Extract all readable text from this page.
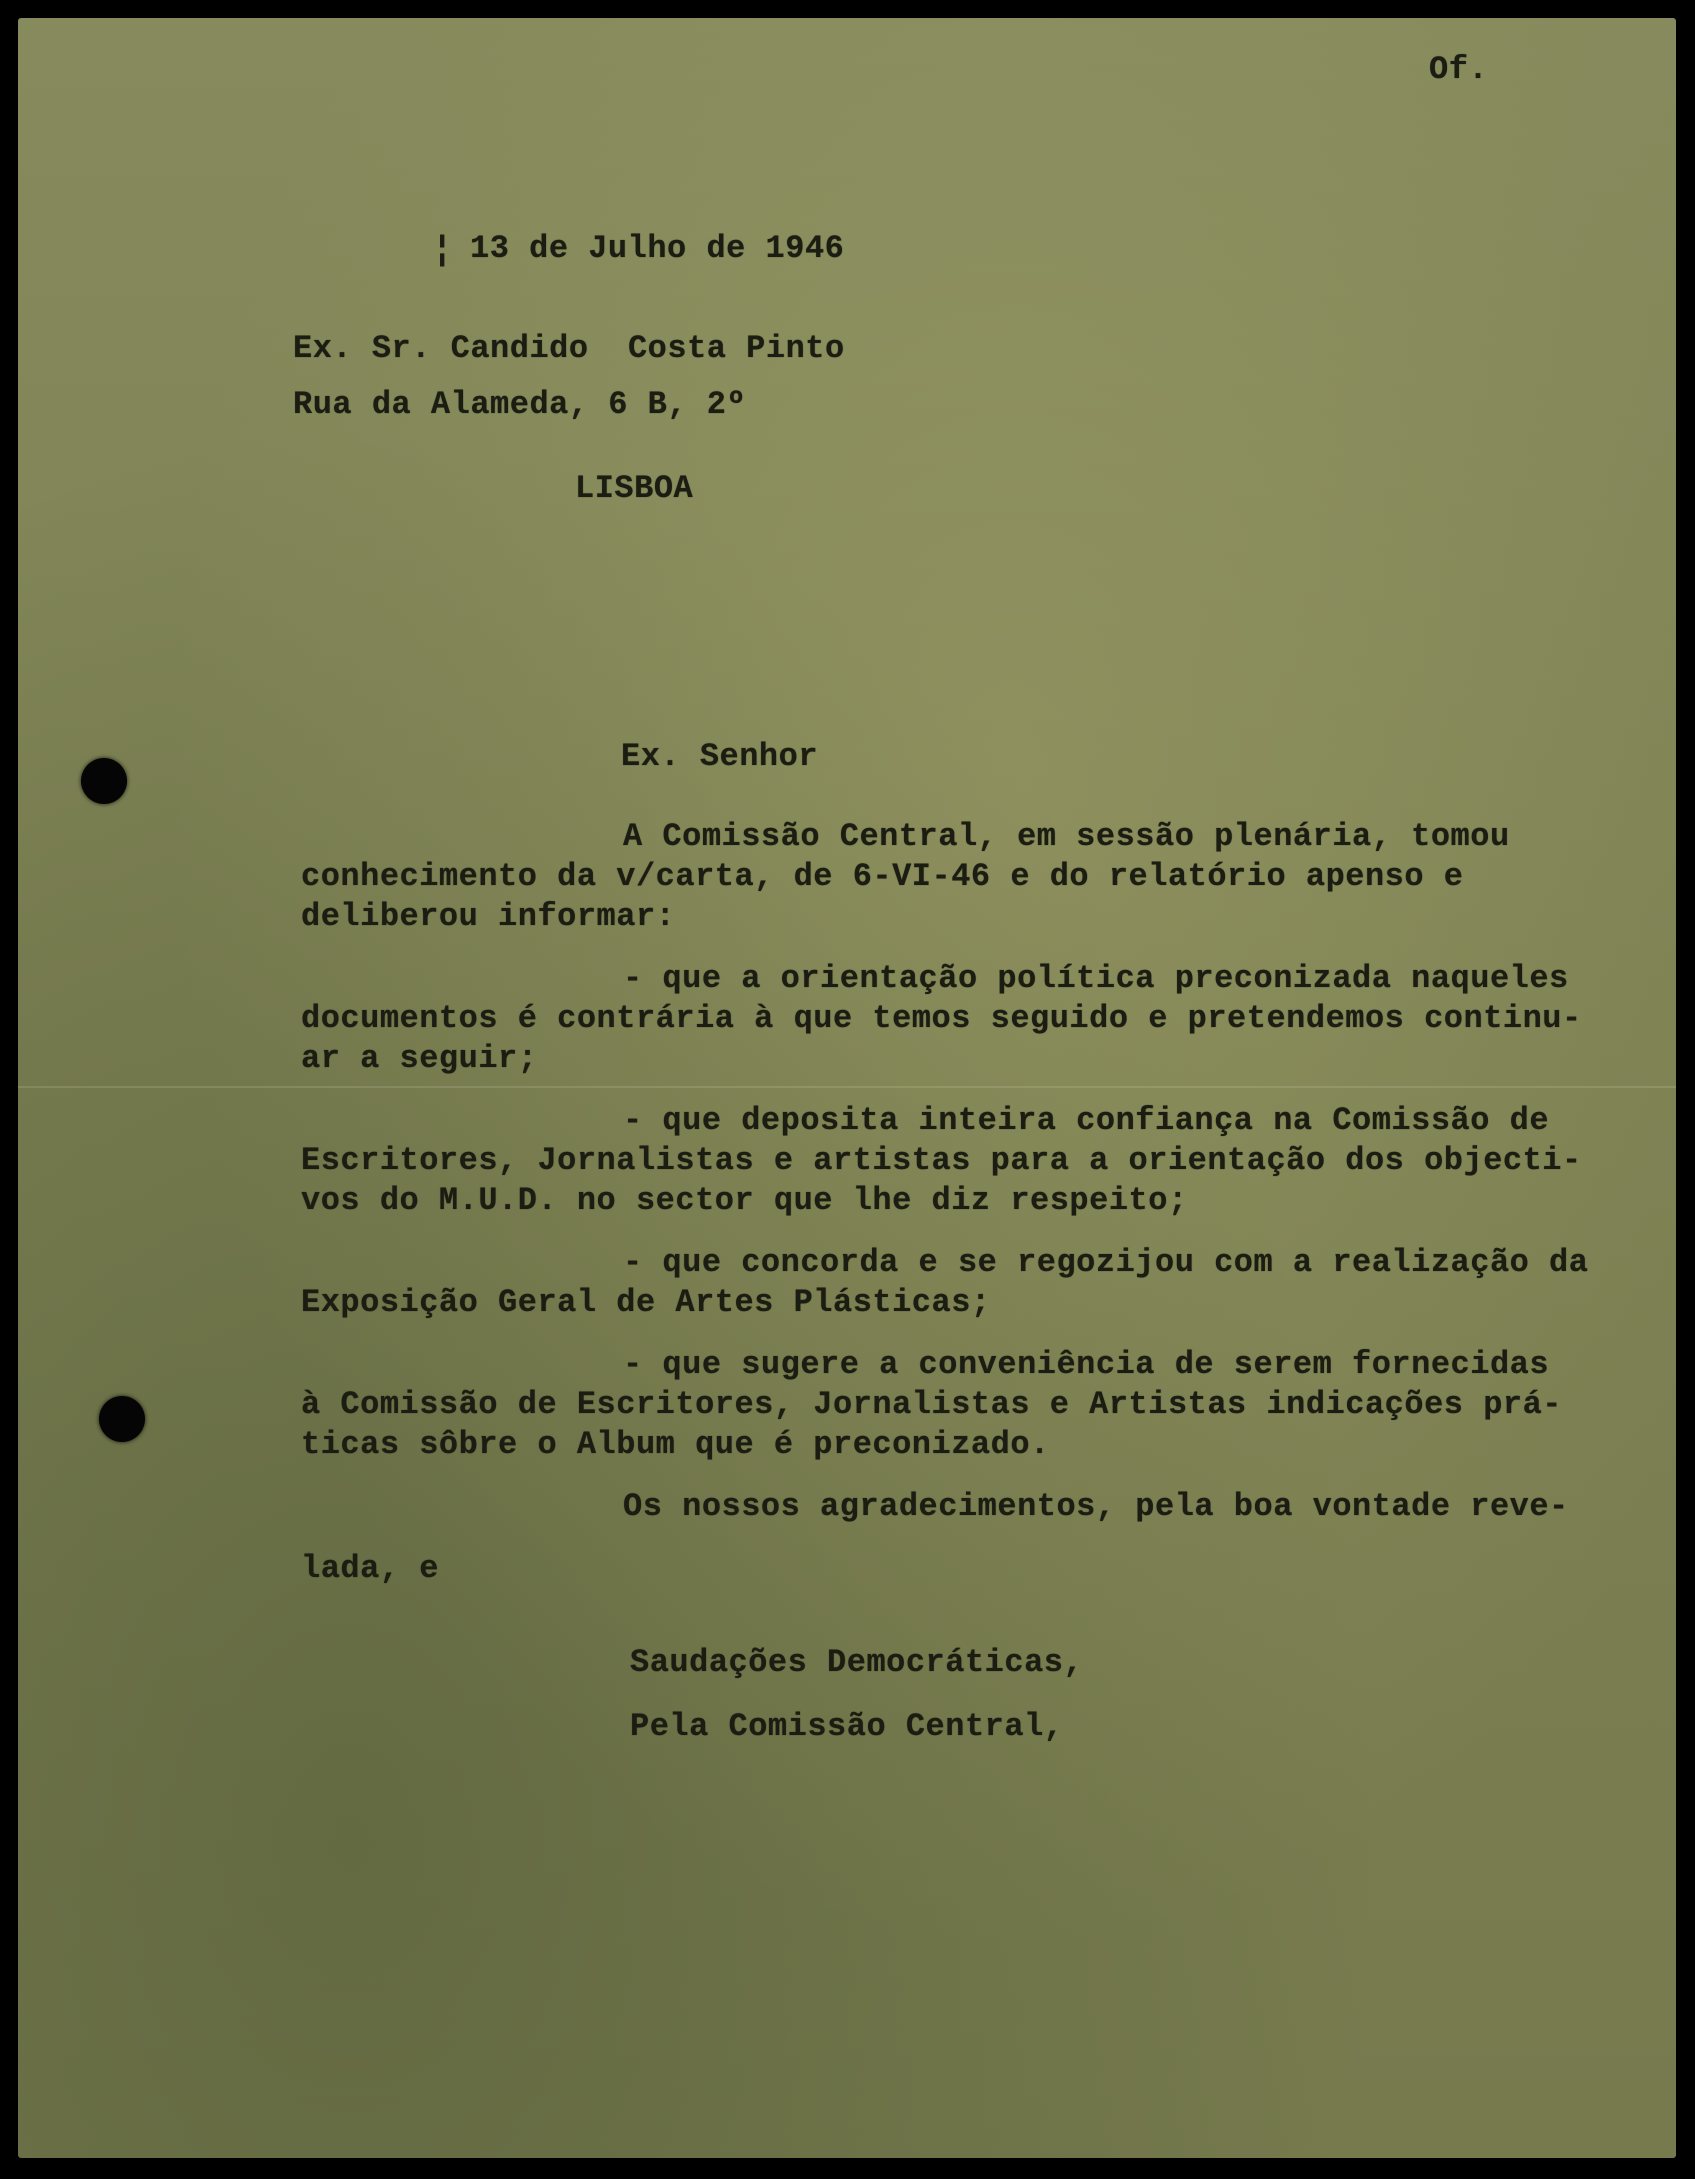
Of.
¦ 13 de Julho de 1946
Ex. Sr. Candido  Costa Pinto
Rua da Alameda, 6 B, 2º
LISBOA
Ex. Senhor
A Comissão Central, em sessão plenária, tomou
conhecimento da v/carta, de 6-VI-46 e do relatório apenso e
deliberou informar:
- que a orientação política preconizada naqueles
documentos é contrária à que temos seguido e pretendemos continu-
ar a seguir;
- que deposita inteira confiança na Comissão de
Escritores, Jornalistas e artistas para a orientação dos objecti-
vos do M.U.D. no sector que lhe diz respeito;
- que concorda e se regozijou com a realização da
Exposição Geral de Artes Plásticas;
- que sugere a conveniência de serem fornecidas
à Comissão de Escritores, Jornalistas e Artistas indicações prá-
ticas sôbre o Album que é preconizado.
Os nossos agradecimentos, pela boa vontade reve-
lada, e
Saudações Democráticas,
Pela Comissão Central,
